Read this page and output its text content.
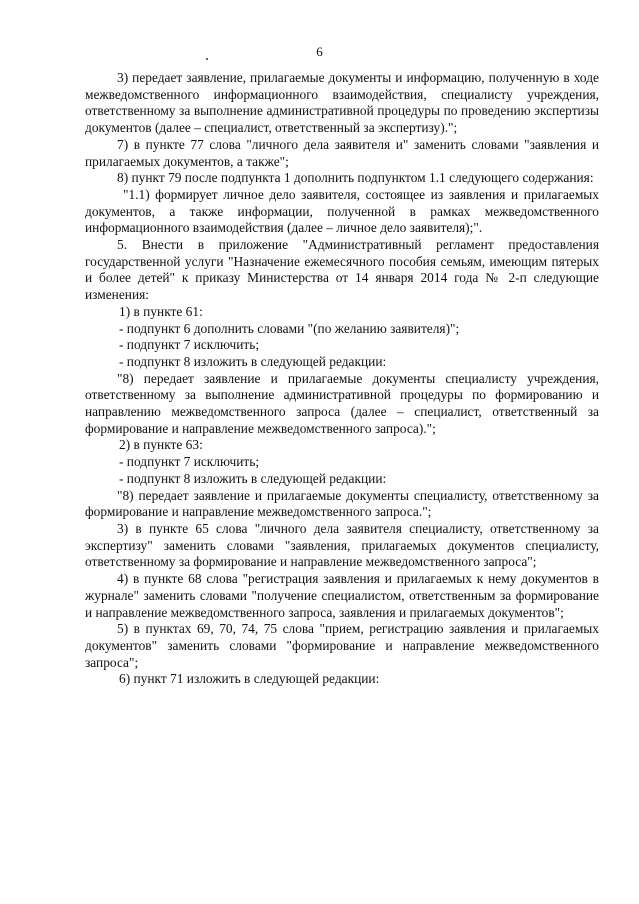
6

3) передает заявление, прилагаемые документы и информацию, полученную в ходе межведомственного информационного взаимодействия, специалисту учреждения, ответственному за выполнение административной процедуры по проведению экспертизы документов (далее – специалист, ответственный за экспертизу).";

7) в пункте 77 слова "личного дела заявителя и" заменить словами "заявления и прилагаемых документов, а также";

8) пункт 79 после подпункта 1 дополнить подпунктом 1.1 следующего содержания:

"1.1) формирует личное дело заявителя, состоящее из заявления и прилагаемых документов, а также информации, полученной в рамках межведомственного информационного взаимодействия (далее – личное дело заявителя);".

5. Внести в приложение "Административный регламент предоставления государственной услуги "Назначение ежемесячного пособия семьям, имеющим пятерых и более детей" к приказу Министерства от 14 января 2014 года № 2-п следующие изменения:

1) в пункте 61:

- подпункт 6 дополнить словами "(по желанию заявителя)";

- подпункт 7 исключить;

- подпункт 8 изложить в следующей редакции:

"8) передает заявление и прилагаемые документы специалисту учреждения, ответственному за выполнение административной процедуры по формированию и направлению межведомственного запроса (далее – специалист, ответственный за формирование и направление межведомственного запроса).";

2) в пункте 63:

- подпункт 7 исключить;

- подпункт 8 изложить в следующей редакции:

"8) передает заявление и прилагаемые документы специалисту, ответственному за формирование и направление межведомственного запроса.";

3) в пункте 65 слова "личного дела заявителя специалисту, ответственному за экспертизу" заменить словами "заявления, прилагаемых документов специалисту, ответственному за формирование и направление межведомственного запроса";

4) в пункте 68 слова "регистрация заявления и прилагаемых к нему документов в журнале" заменить словами "получение специалистом, ответственным за формирование и направление межведомственного запроса, заявления и прилагаемых документов";

5) в пунктах 69, 70, 74, 75 слова "прием, регистрацию заявления и прилагаемых документов" заменить словами "формирование и направление межведомственного запроса";

6) пункт 71 изложить в следующей редакции:
